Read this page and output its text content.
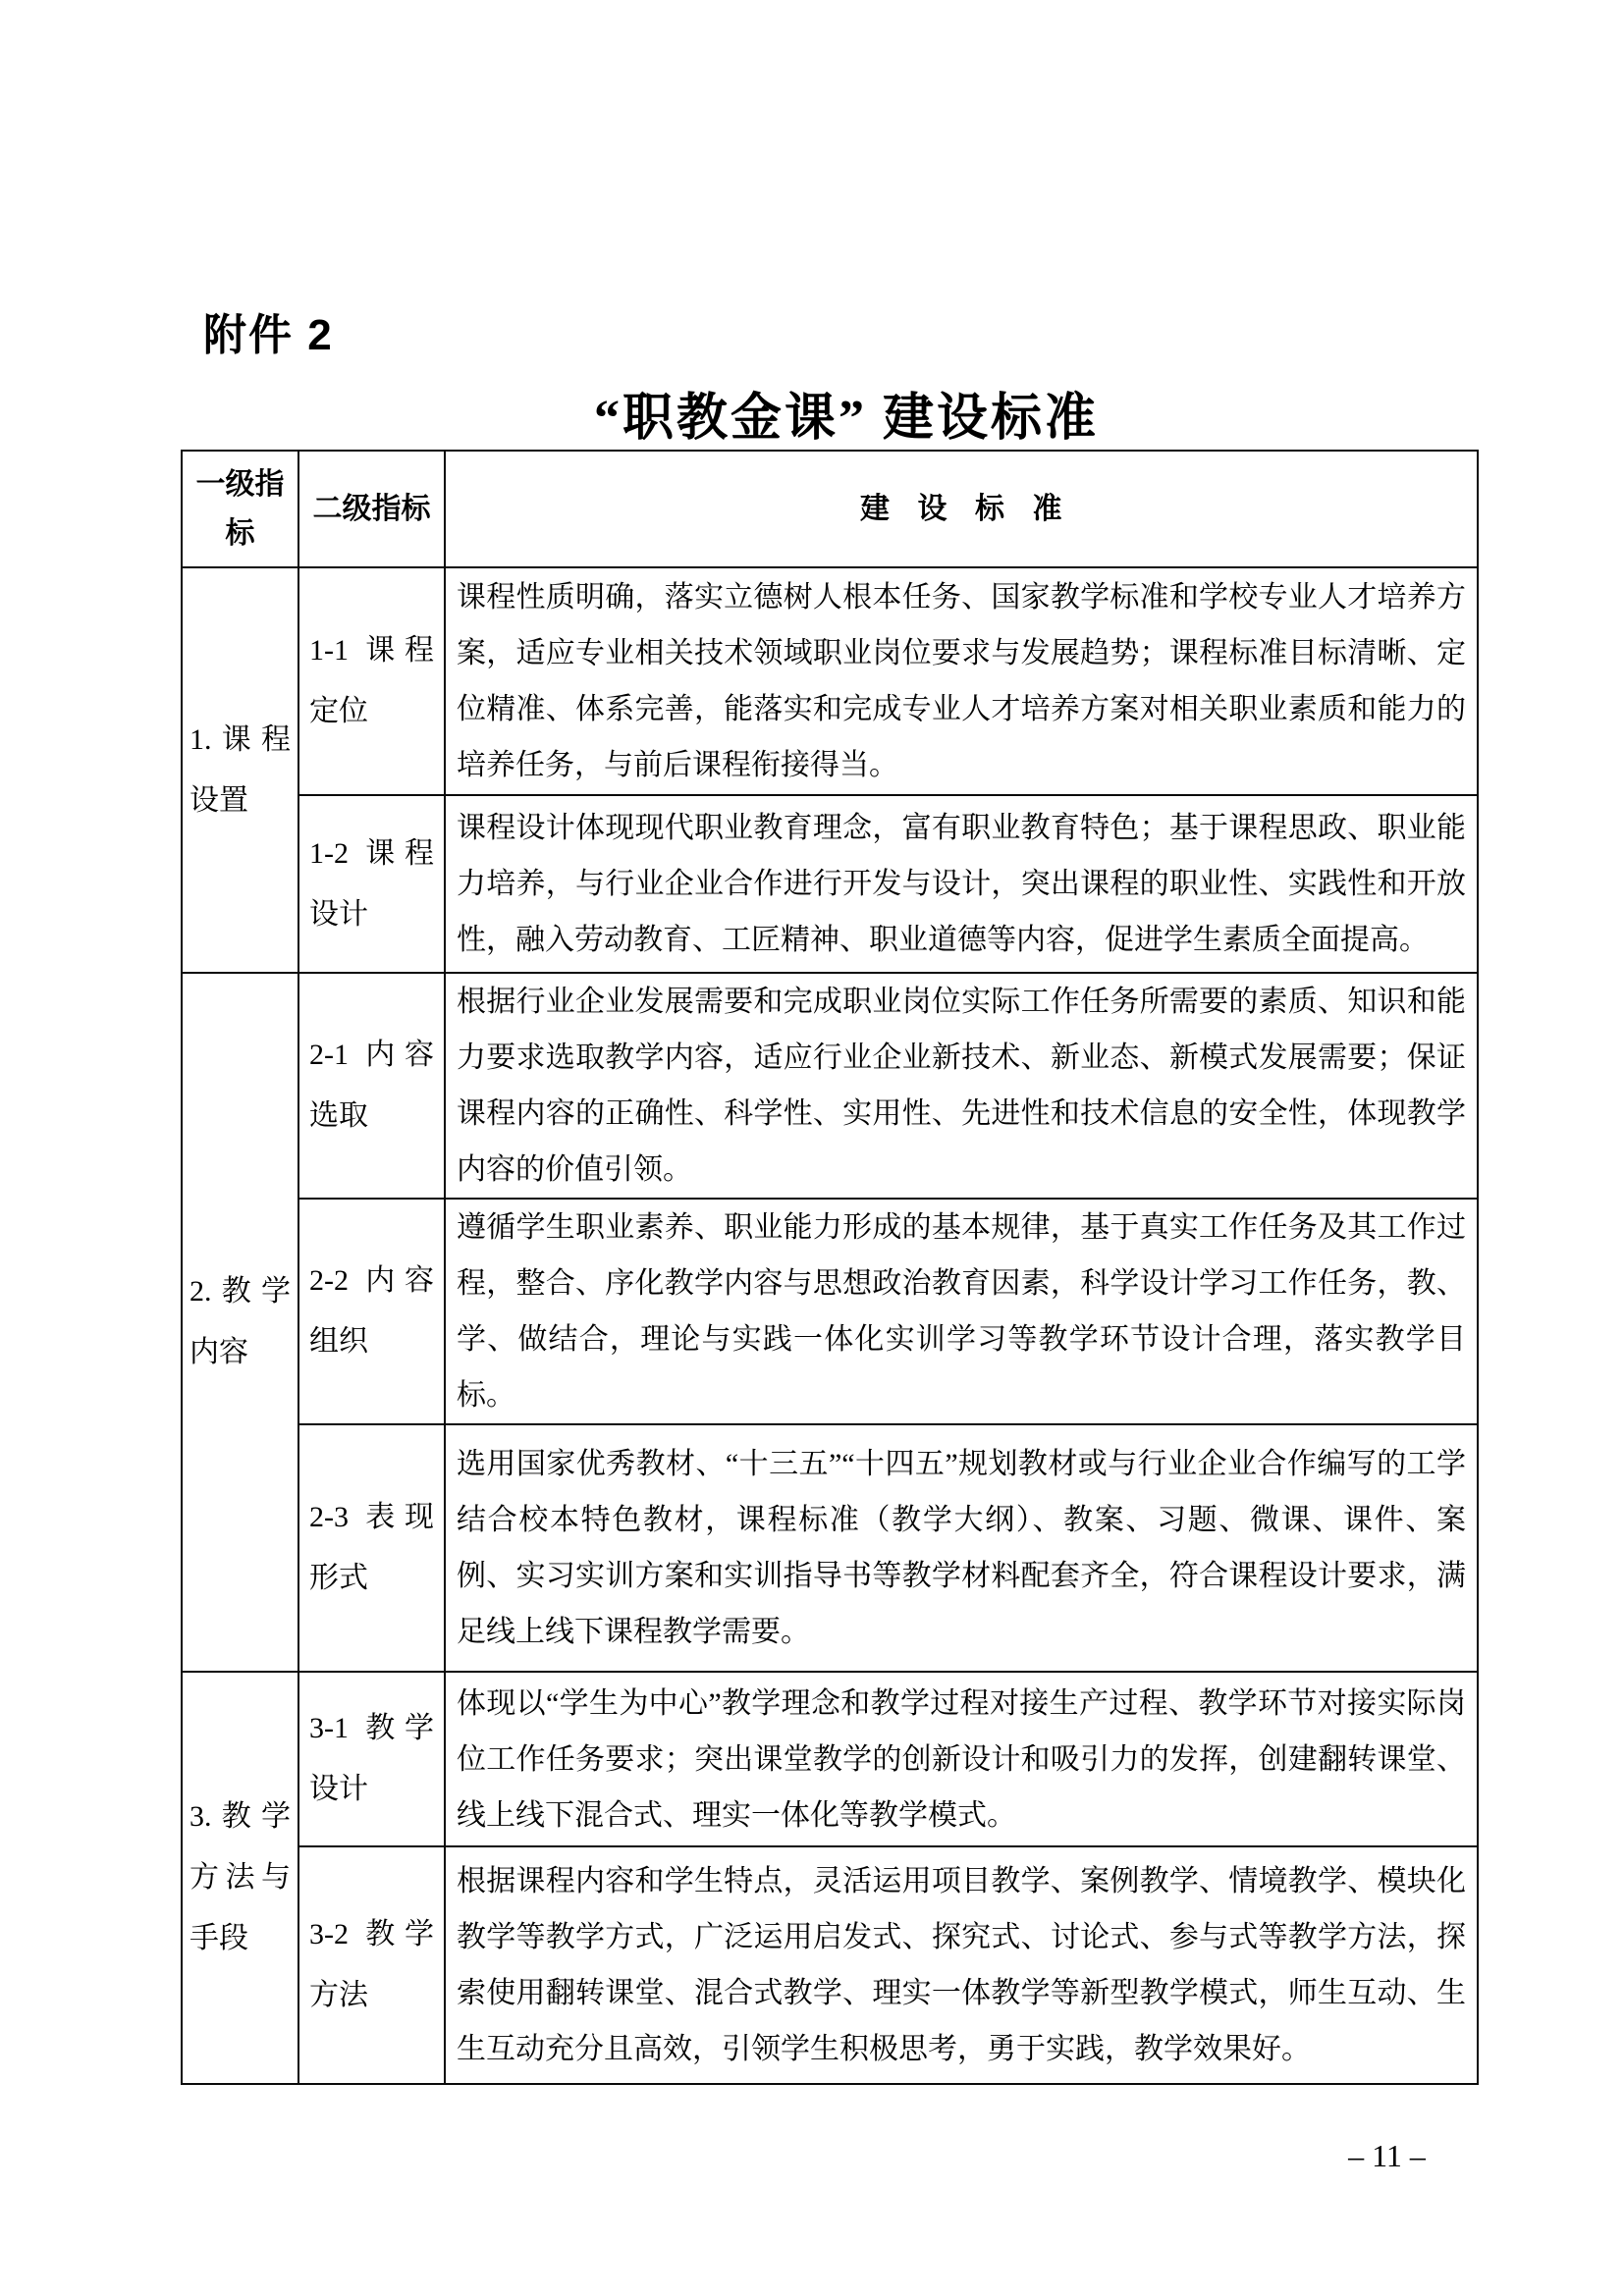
附件 2
“职教金课” 建设标准
一级指标	二级指标	建设标准
1.课程设置	1-1 课程定位	课程性质明确，落实立德树人根本任务、国家教学标准和学校专业人才培养方案，适应专业相关技术领域职业岗位要求与发展趋势；课程标准目标清晰、定位精准、体系完善，能落实和完成专业人才培养方案对相关职业素质和能力的培养任务，与前后课程衔接得当。
	1-2 课程设计	课程设计体现现代职业教育理念，富有职业教育特色；基于课程思政、职业能力培养，与行业企业合作进行开发与设计，突出课程的职业性、实践性和开放性，融入劳动教育、工匠精神、职业道德等内容，促进学生素质全面提高。
2.教学内容	2-1 内容选取	根据行业企业发展需要和完成职业岗位实际工作任务所需要的素质、知识和能力要求选取教学内容，适应行业企业新技术、新业态、新模式发展需要；保证课程内容的正确性、科学性、实用性、先进性和技术信息的安全性，体现教学内容的价值引领。
	2-2 内容组织	遵循学生职业素养、职业能力形成的基本规律，基于真实工作任务及其工作过程，整合、序化教学内容与思想政治教育因素，科学设计学习工作任务，教、学、做结合，理论与实践一体化实训学习等教学环节设计合理，落实教学目标。
	2-3 表现形式	选用国家优秀教材、“十三五”“十四五”规划教材或与行业企业合作编写的工学结合校本特色教材，课程标准（教学大纲）、教案、习题、微课、课件、案例、实习实训方案和实训指导书等教学材料配套齐全，符合课程设计要求，满足线上线下课程教学需要。
3.教学方法与手段	3-1 教学设计	体现以“学生为中心”教学理念和教学过程对接生产过程、教学环节对接实际岗位工作任务要求；突出课堂教学的创新设计和吸引力的发挥，创建翻转课堂、线上线下混合式、理实一体化等教学模式。
	3-2 教学方法	根据课程内容和学生特点，灵活运用项目教学、案例教学、情境教学、模块化教学等教学方式，广泛运用启发式、探究式、讨论式、参与式等教学方法，探索使用翻转课堂、混合式教学、理实一体教学等新型教学模式，师生互动、生生互动充分且高效，引领学生积极思考，勇于实践，教学效果好。
– 11 –
